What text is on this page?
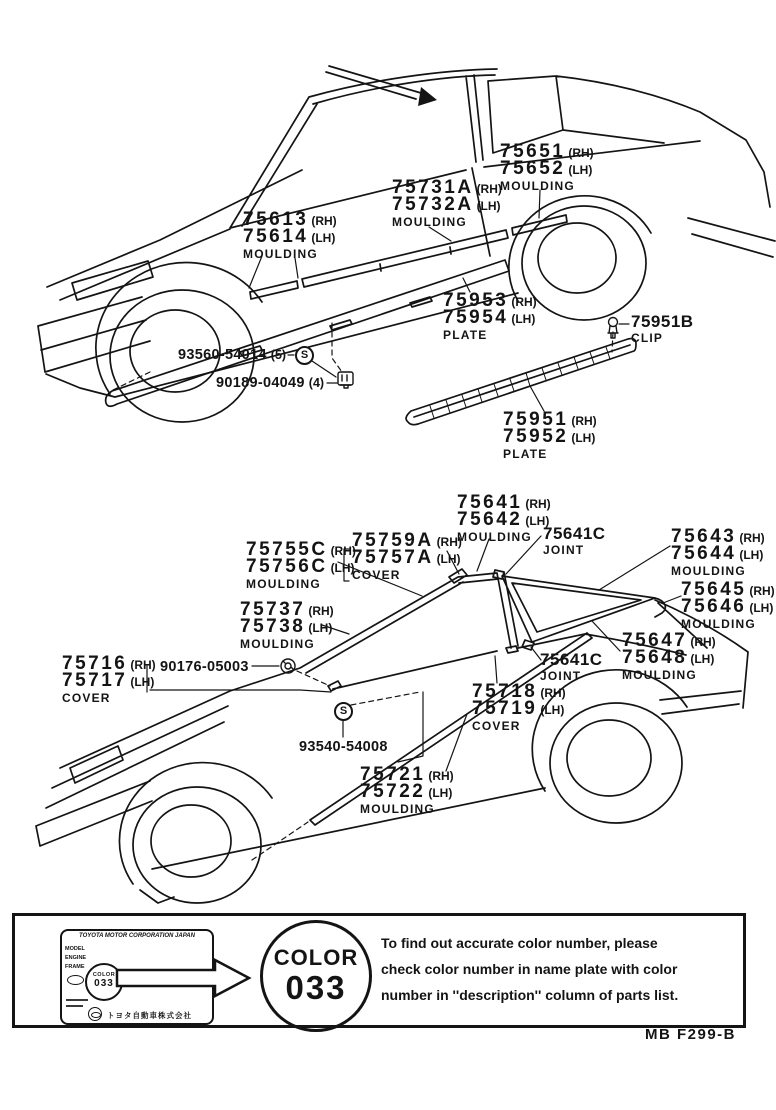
75613 (RH)
75614 (LH)
MOULDING
75731A (RH)
75732A (LH)
MOULDING
75651 (RH)
75652 (LH)
MOULDING
75953 (RH)
75954 (LH)
PLATE
93560-54014 (5)	S
90189-04049 (4)
75951B
CLIP
75951 (RH)
75952 (LH)
PLATE
75641 (RH)
75642 (LH)
MOULDING 75641C
JOINT
75759A (RH)
75757A (LH)
COVER
75755C (RH)
75756C (LH)
MOULDING
75643 (RH)
75644 (LH)
MOULDING
75645 (RH)
75646 (LH)
MOULDING
75737 (RH)
75738 (LH)
MOULDING	75647 (RH)
75648 (LH)
MOULDING
75641C
JOINT
75716 (RH)
75717 (LH)
COVER
90176-05003
75718 (RH)
75719 (LH)
COVER
S
93540-54008
75721 (RH)
75722 (LH)
MOULDING
TOYOTA MOTOR CORPORATION JAPAN
MODEL
ENGINE
FRAME
COLOR
033
トヨタ自動車株式会社
COLOR
033
To find out accurate color number, please
check color number in name plate with color
number in ''description'' column of parts list.
MB F299-B
